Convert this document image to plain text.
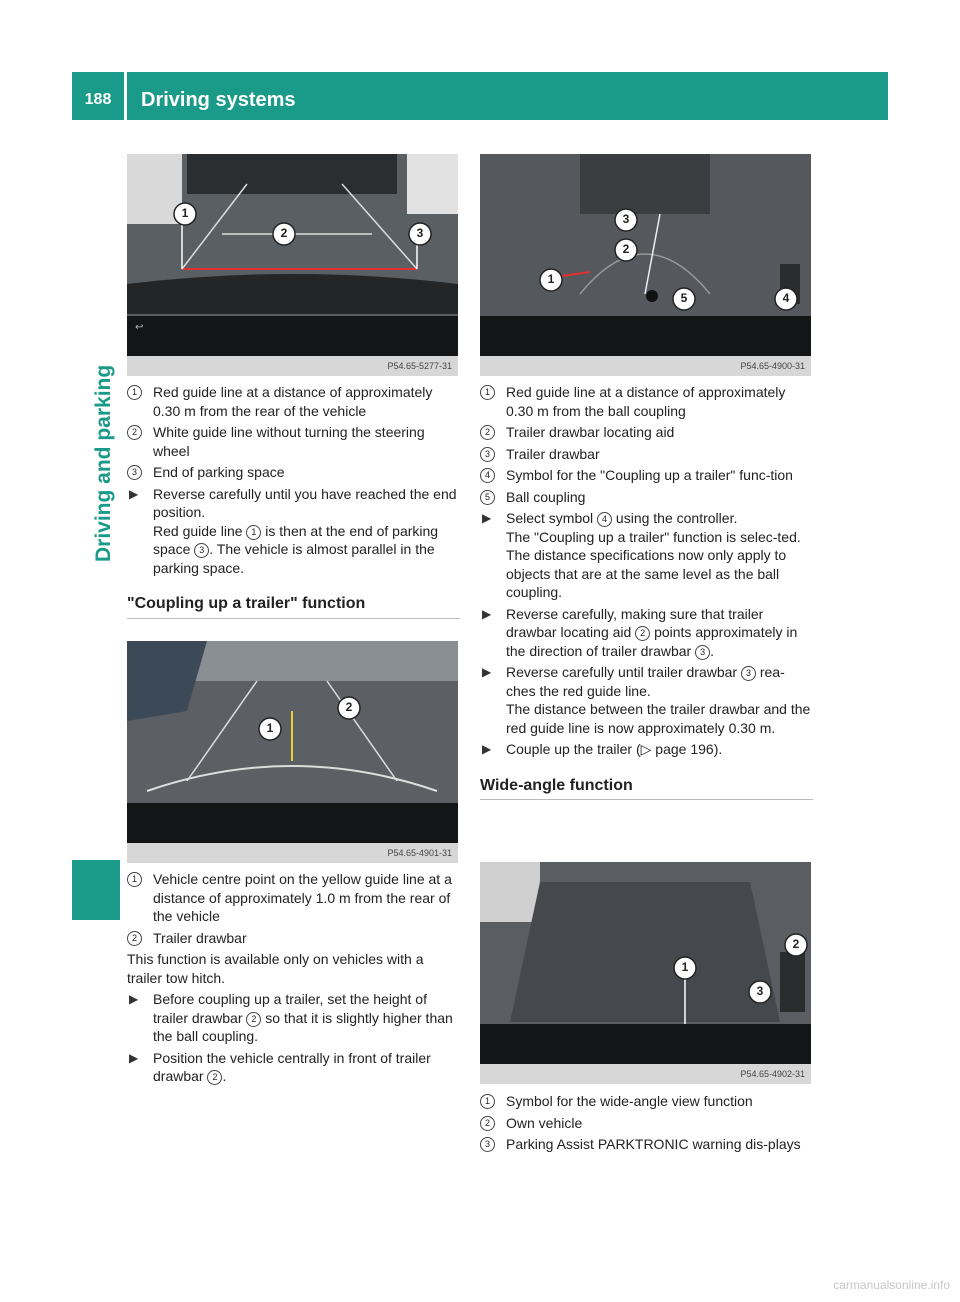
188	Driving systems
Driving and parking
↩
1
2	3
P54.65-5277-31
1
2
P54.65-4901-31
3
2
1
5	4
P54.65-4900-31
1
2
3
P54.65-4902-31
1	Red guide line at a distance of approximately 0.30 m from the rear of the vehicle
2	White guide line without turning the steering wheel
3	End of parking space
▶ Reverse carefully until you have reached the end position.
Red guide line 1 is then at the end of parking space 3 . The vehicle is almost parallel in the parking space.
"Coupling up a trailer" function
1	Vehicle centre point on the yellow guide line at a distance of approximately 1.0 m from the rear of the vehicle
2	Trailer drawbar
This function is available only on vehicles with a trailer tow hitch.
▶ Before coupling up a trailer, set the height of trailer drawbar 2 so that it is slightly higher than the ball coupling.
▶ Position the vehicle centrally in front of trailer drawbar 2 .
1	Red guide line at a distance of approximately 0.30 m from the ball coupling
2	Trailer drawbar locating aid
3	Trailer drawbar
4	Symbol for the "Coupling up a trailer" func-tion
5	Ball coupling
▶ Select symbol 4 using the controller.
The "Coupling up a trailer" function is selec-ted. The distance specifications now only apply to objects that are at the same level as the ball coupling.
▶ Reverse carefully, making sure that trailer drawbar locating aid 2 points approximately in the direction of trailer drawbar 3 .
▶ Reverse carefully until trailer drawbar 3 rea-ches the red guide line.
The distance between the trailer drawbar and the red guide line is now approximately 0.30 m.
▶ Couple up the trailer (▷ page 196).
Wide-angle function
1	Symbol for the wide-angle view function
2	Own vehicle
3	Parking Assist PARKTRONIC warning dis-plays
carmanualsonline.info
